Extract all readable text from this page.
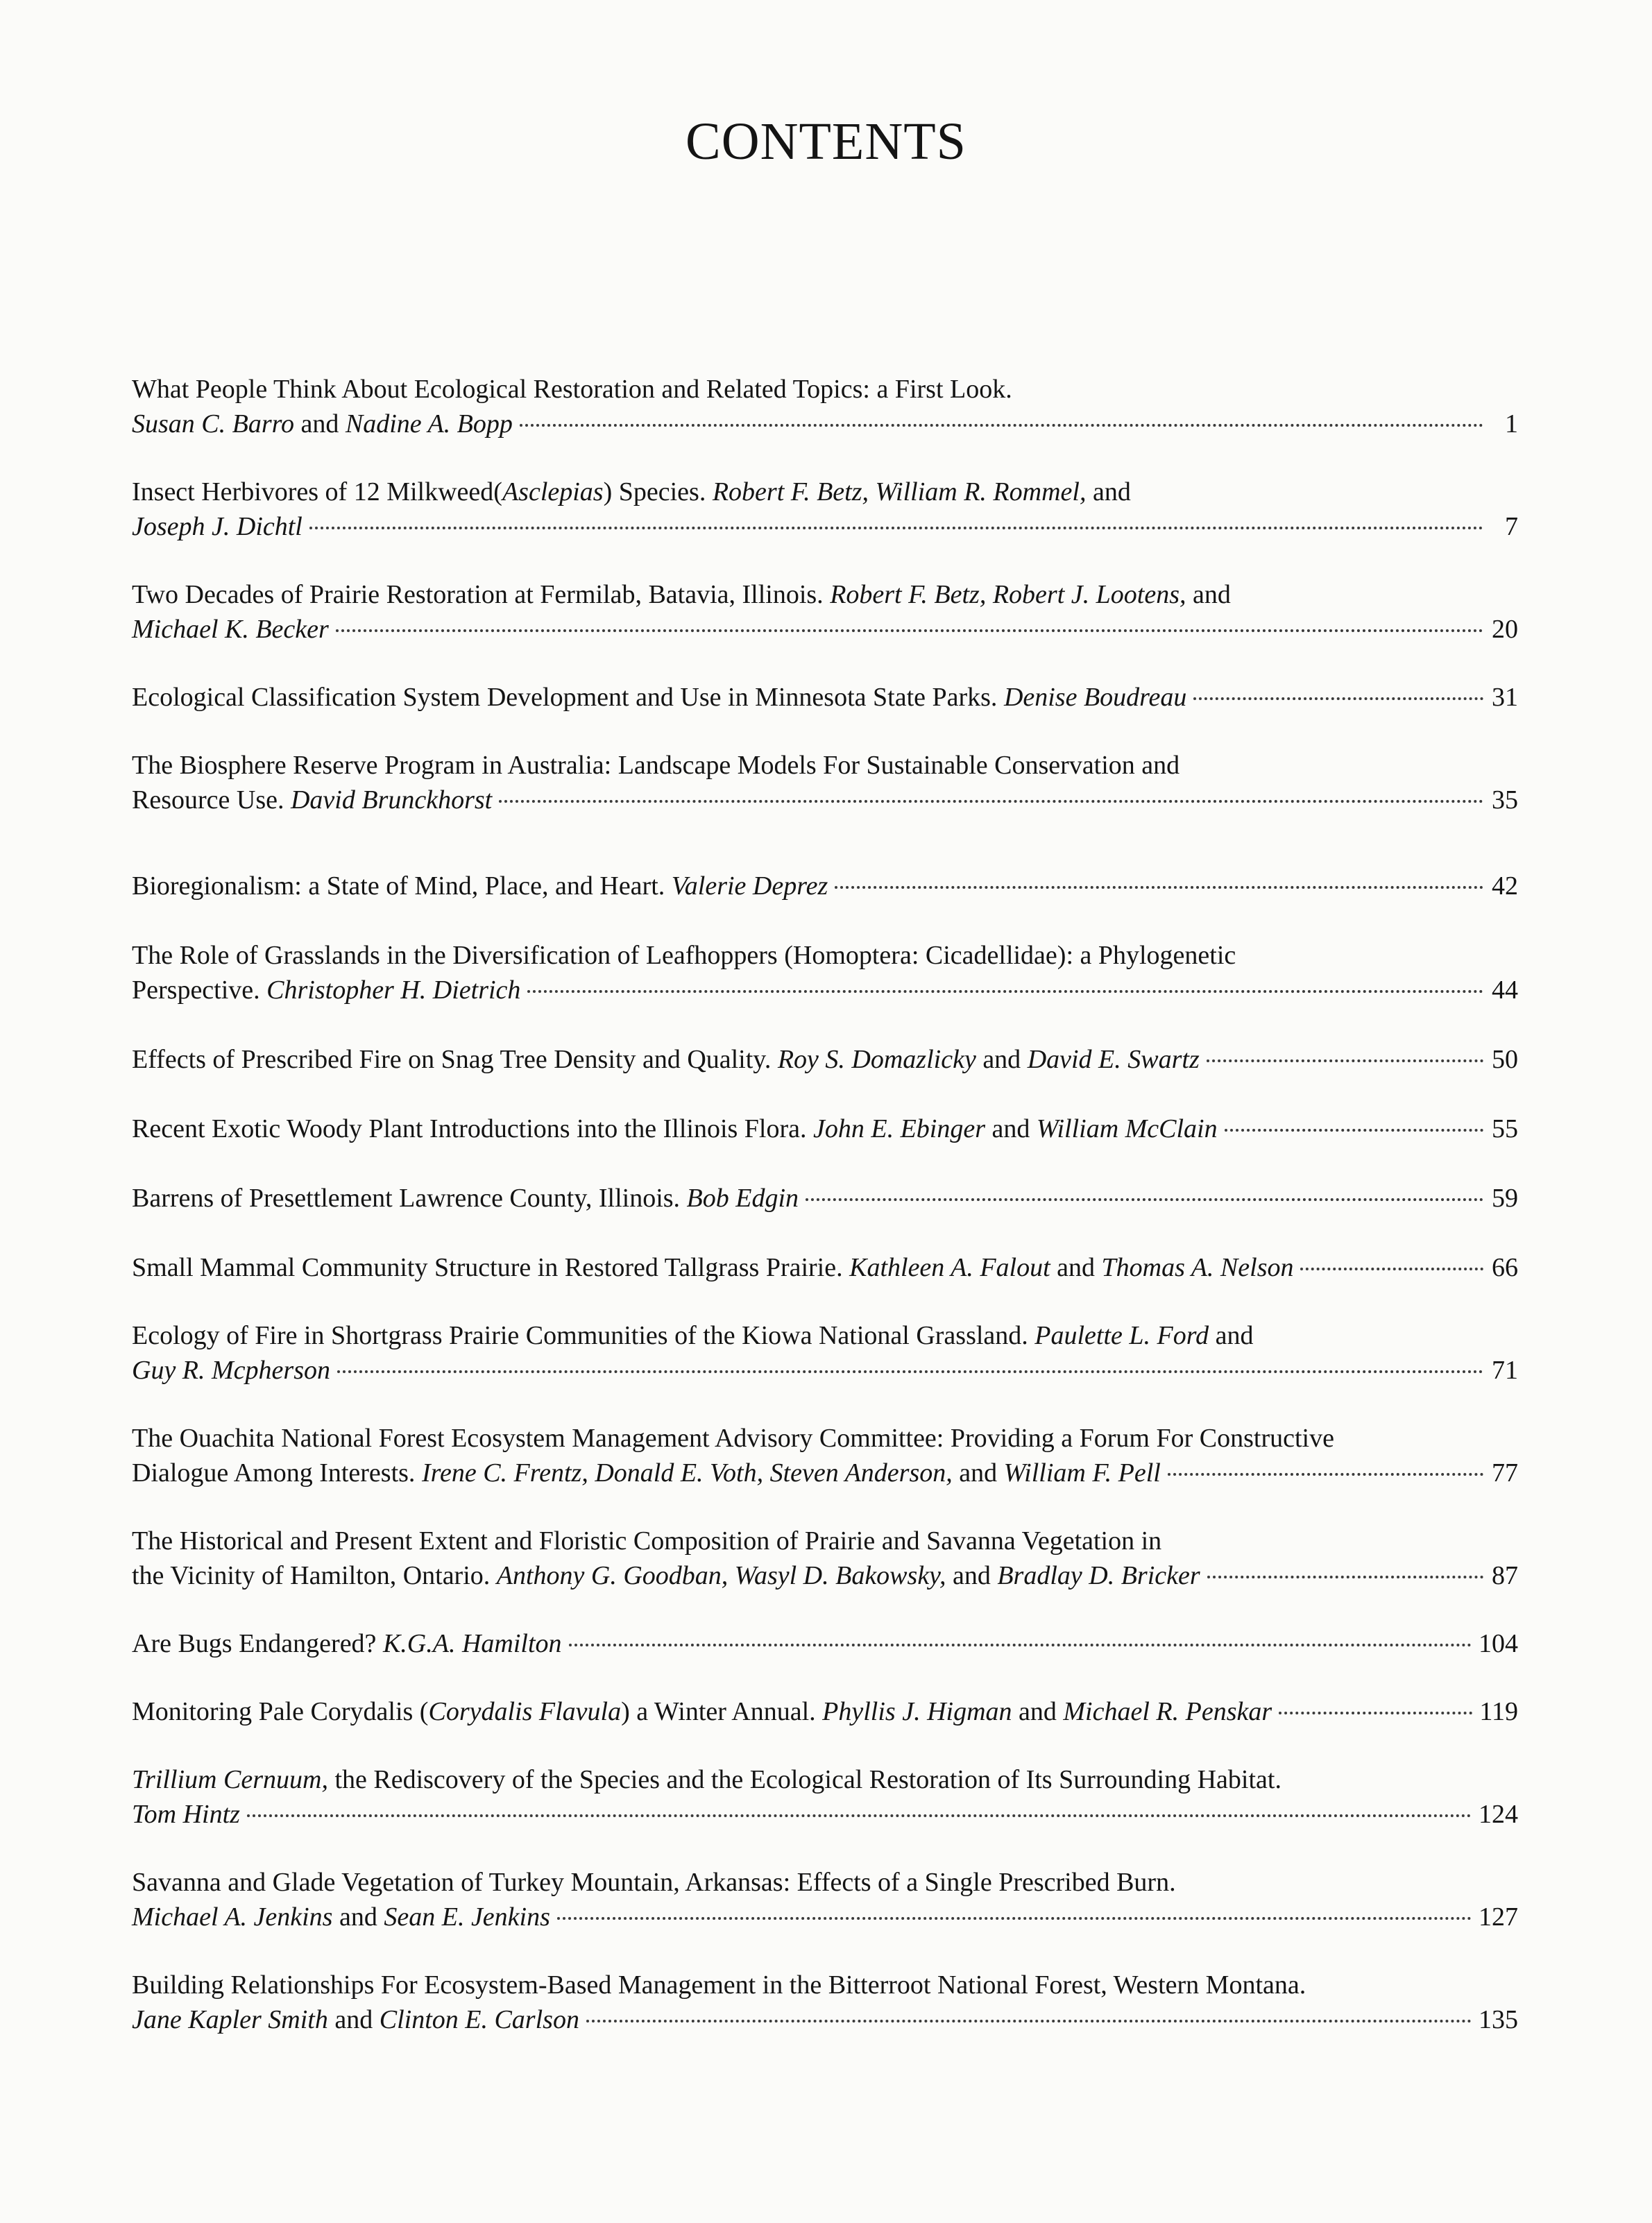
CONTENTS
What People Think About Ecological Restoration and Related Topics: a First Look.
Susan C. Barro and Nadine A. Bopp	1
Insect Herbivores of 12 Milkweed(Asclepias) Species. Robert F. Betz, William R. Rommel, and
Joseph J. Dichtl	7
Two Decades of Prairie Restoration at Fermilab, Batavia, Illinois. Robert F. Betz, Robert J. Lootens, and
Michael K. Becker	20
Ecological Classification System Development and Use in Minnesota State Parks. Denise Boudreau	31
The Biosphere Reserve Program in Australia: Landscape Models For Sustainable Conservation and
Resource Use. David Brunckhorst	35
Bioregionalism: a State of Mind, Place, and Heart. Valerie Deprez	42
The Role of Grasslands in the Diversification of Leafhoppers (Homoptera: Cicadellidae): a Phylogenetic
Perspective. Christopher H. Dietrich	44
Effects of Prescribed Fire on Snag Tree Density and Quality. Roy S. Domazlicky and David E. Swartz	50
Recent Exotic Woody Plant Introductions into the Illinois Flora. John E. Ebinger and William McClain	55
Barrens of Presettlement Lawrence County, Illinois. Bob Edgin	59
Small Mammal Community Structure in Restored Tallgrass Prairie. Kathleen A. Falout and Thomas A. Nelson	66
Ecology of Fire in Shortgrass Prairie Communities of the Kiowa National Grassland. Paulette L. Ford and
Guy R. Mcpherson	71
The Ouachita National Forest Ecosystem Management Advisory Committee: Providing a Forum For Constructive
Dialogue Among Interests. Irene C. Frentz, Donald E. Voth, Steven Anderson, and William F. Pell	77
The Historical and Present Extent and Floristic Composition of Prairie and Savanna Vegetation in
the Vicinity of Hamilton, Ontario. Anthony G. Goodban, Wasyl D. Bakowsky, and Bradlay D. Bricker	87
Are Bugs Endangered? K.G.A. Hamilton	104
Monitoring Pale Corydalis (Corydalis Flavula) a Winter Annual. Phyllis J. Higman and Michael R. Penskar	119
Trillium Cernuum, the Rediscovery of the Species and the Ecological Restoration of Its Surrounding Habitat.
Tom Hintz	124
Savanna and Glade Vegetation of Turkey Mountain, Arkansas: Effects of a Single Prescribed Burn.
Michael A. Jenkins and Sean E. Jenkins	127
Building Relationships For Ecosystem-Based Management in the Bitterroot National Forest, Western Montana.
Jane Kapler Smith and Clinton E. Carlson	135
